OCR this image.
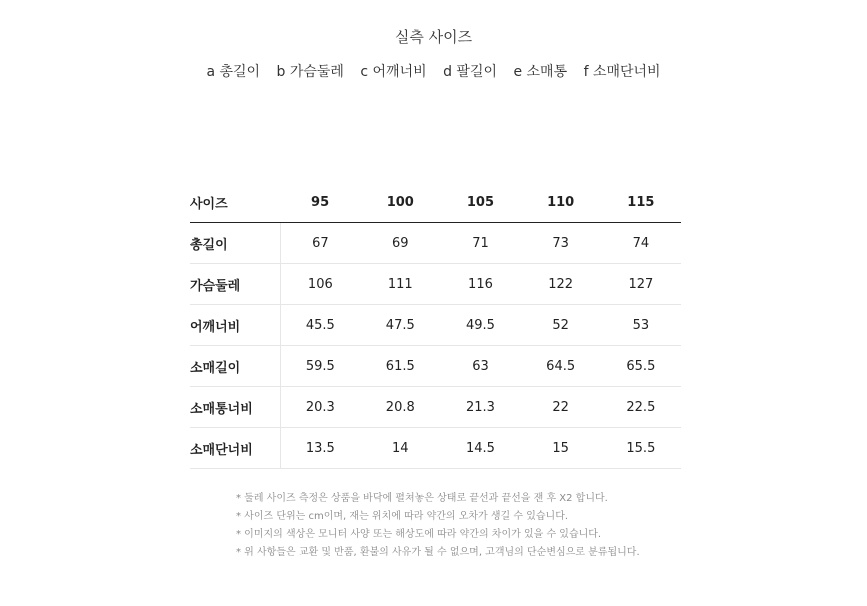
실측 사이즈
a 총길이 b 가슴둘레 c 어깨너비 d 팔길이 e 소매통 f 소매단너비
사이즈	95	100	105	110	115
총길이	67	69	71	73	74
가슴둘레	106	111	116	122	127
어깨너비	45.5	47.5	49.5	52	53
소매길이	59.5	61.5	63	64.5	65.5
소매통너비	20.3	20.8	21.3	22	22.5
소매단너비	13.5	14	14.5	15	15.5
* 둘레 사이즈 측정은 상품을 바닥에 펼쳐놓은 상태로 끝선과 끝선을 잰 후 X2 합니다.
* 사이즈 단위는 cm이며, 재는 위치에 따라 약간의 오차가 생길 수 있습니다.
* 이미지의 색상은 모니터 사양 또는 해상도에 따라 약간의 차이가 있을 수 있습니다.
* 위 사항들은 교환 및 반품, 환불의 사유가 될 수 없으며, 고객님의 단순변심으로 분류됩니다.
